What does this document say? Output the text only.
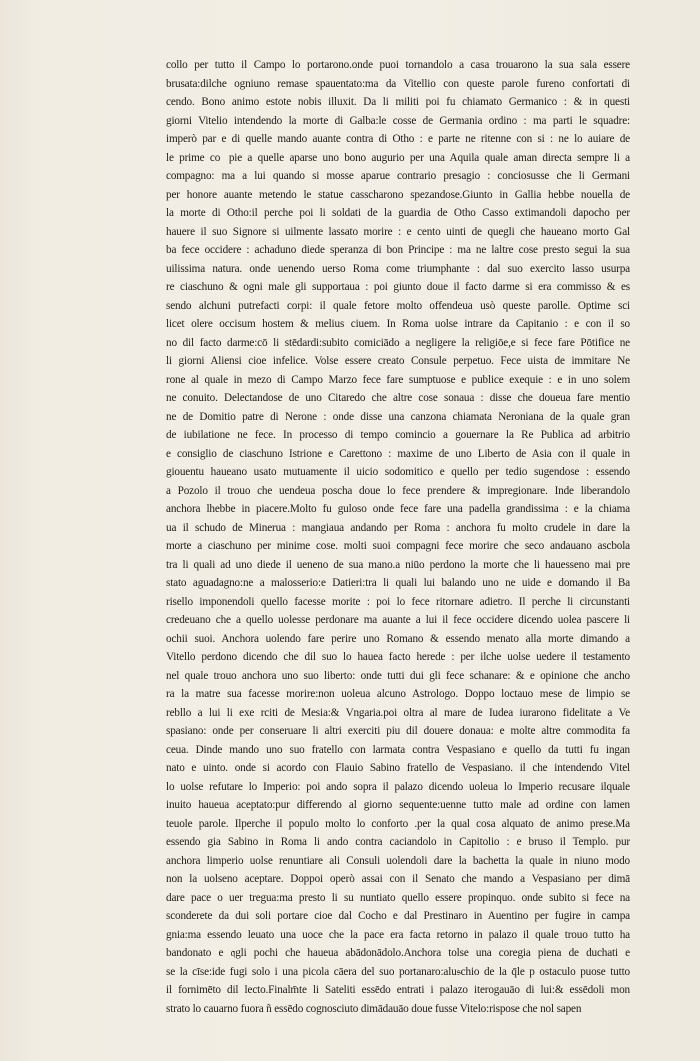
collo per tutto il Campo lo portarono.onde puoi tornandolo a casa trouarono la sua sala essere
brusata:dilche ogniuno remase spauentato:ma da Vitellio con queste parole fureno confortati di
cendo. Bono animo estote nobis illuxit. Da li militi poi fu chiamato Germanico : & in questi
giorni Vitelio intendendo la morte di Galba:le cosse de Germania ordino : ma parti le squadre:
imperò par e di quelle mando auante contra di Otho : e parte ne ritenne con si : ne lo auiare de
le prime co᷑pie a quelle aparse uno bono augurio per una Aquila quale aman directa sempre li a
compagno: ma a lui quando si mosse aparue contrario presagio : conciosusse che li Germani
per honore auante metendo le statue casscharono spezandose.Giunto in Gallia hebbe nouella de
la morte di Otho:il perche poi li soldati de la guardia de Otho Casso extimandoli dapocho per
hauere il suo Signore si uilmente lassato morire : e cento uinti de quegli che haueano morto Gal
ba fece occidere : achaduno diede speranza di bon Principe : ma ne laltre cose presto segui la sua
uilissima natura. onde uenendo uerso Roma come triumphante : dal suo exercito lasso usurpa
re ciaschuno & ogni male gli supportaua : poi giunto doue il facto darme si era commisso & es
sendo alchuni putrefacti corpi: il quale fetore molto offendeua usò queste parolle. Optime sci
licet olere occisum hostem & melius ciuem. In Roma uolse intrare da Capitanio : e con il so
no dil facto darme:cō li stēdardi:subito comiciādo a negligere la religiōe,e si fece fare Pōtifice ne
li giorni Aliensi cioe infelice. Volse essere creato Consule perpetuo. Fece uista de immitare Ne
rone al quale in mezo di Campo Marzo fece fare sumptuose e publice exequie : e in uno solem
ne conuito. Delectandose de uno Citaredo che altre cose sonaua : disse che doueua fare mentio
ne de Domitio patre di Nerone : onde disse una canzona chiamata Neroniana de la quale gran
de iubilatione ne fece. In processo di tempo comincio a gouernare la Re Publica ad arbitrio
e consiglio de ciaschuno Istrione e Carettono : maxime de uno Liberto de Asia con il quale in
giouentu haueano usato mutuamente il uicio sodomitico e quello per tedio sugendose : essendo
a Pozolo il trouo che uendeua poscha doue lo fece prendere & impregionare. Inde liberandolo
anchora lhebbe in piacere.Molto fu guloso onde fece fare una padella grandissima : e la chiama
ua il schudo de Minerua : mangiaua andando per Roma : anchora fu molto crudele in dare la
morte a ciaschuno per minime cose. molti suoi compagni fece morire che seco andauano ascbola
tra li quali ad uno diede il ueneno de sua mano.a niūo perdono la morte che li hauesseno mai pre
stato aguadagno:ne a malosserio:e Datieri:tra li quali lui balando uno ne uide e domando il Ba
risello imponendoli quello facesse morite : poi lo fece ritornare adietro. Il perche li circunstanti
credeuano che a quello uolesse perdonare ma auante a lui il fece occidere dicendo uolea pascere li
ochii suoi. Anchora uolendo fare perire uno Romano & essendo menato alla morte dimando a
Vitello perdono dicendo che dil suo lo hauea facto herede : per ilche uolse uedere il testamento
nel quale trouo anchora uno suo liberto: onde tutti dui gli fece schanare: & e opinione che ancho
ra la matre sua facesse morire:non uoleua alcuno Astrologo. Doppo loctauo mese de limpio se
rebllo a lui li exe rciti de Mesia:& Vngaria.poi oltra al mare de Iudea iurarono fidelitate a Ve
spasiano: onde per conseruare li altri exerciti piu dil douere donaua: e molte altre commodita fa
ceua. Dinde mando uno suo fratello con larmata contra Vespasiano e quello da tutti fu ingan
nato e uinto. onde si acordo con Flauio Sabino fratello de Vespasiano. il che intendendo Vitel
lo uolse refutare lo Imperio: poi ando sopra il palazo dicendo uoleua lo Imperio recusare ilquale
inuito haueua aceptato:pur differendo al giorno sequente:uenne tutto male ad ordine con lamen
teuole parole. Ilperche il populo molto lo conforto .per la qual cosa alquato de animo prese.Ma
essendo gia Sabino in Roma li ando contra caciandolo in Capitolio : e bruso il Templo. pur
anchora limperio uolse renuntiare ali Consuli uolendoli dare la bachetta la quale in niuno modo
non la uolseno aceptare. Doppoi operò assai con il Senato che mando a Vespasiano per dimā
dare pace o uer tregua:ma presto li su nuntiato quello essere propinquo. onde subito si fece na
sconderete da dui soli portare cioe dal Cocho e dal Prestinaro in Auentino per fugire in campa
gnia:ma essendo leuato una uoce che la pace era facta retorno in palazo il quale trouo tutto ha
bandonato e 𝔮gli pochi che haueua abādonādolo.Anchora tolse una coregia piena de duchati e
se la cīse:ide fugi solo i una picola cāera del suo portanaro:alu𝔰chio de la q̄le p ostaculo puose tutto
il fornimēto dil lecto.Finalm̄te li Sateliti essēdo entrati i palazo iterogauāo di lui:& essēdoli mon
strato lo cauarno fuora ñ essēdo cognosciuto dimādauāo doue fusse Vitelo:rispose che nol sapen
